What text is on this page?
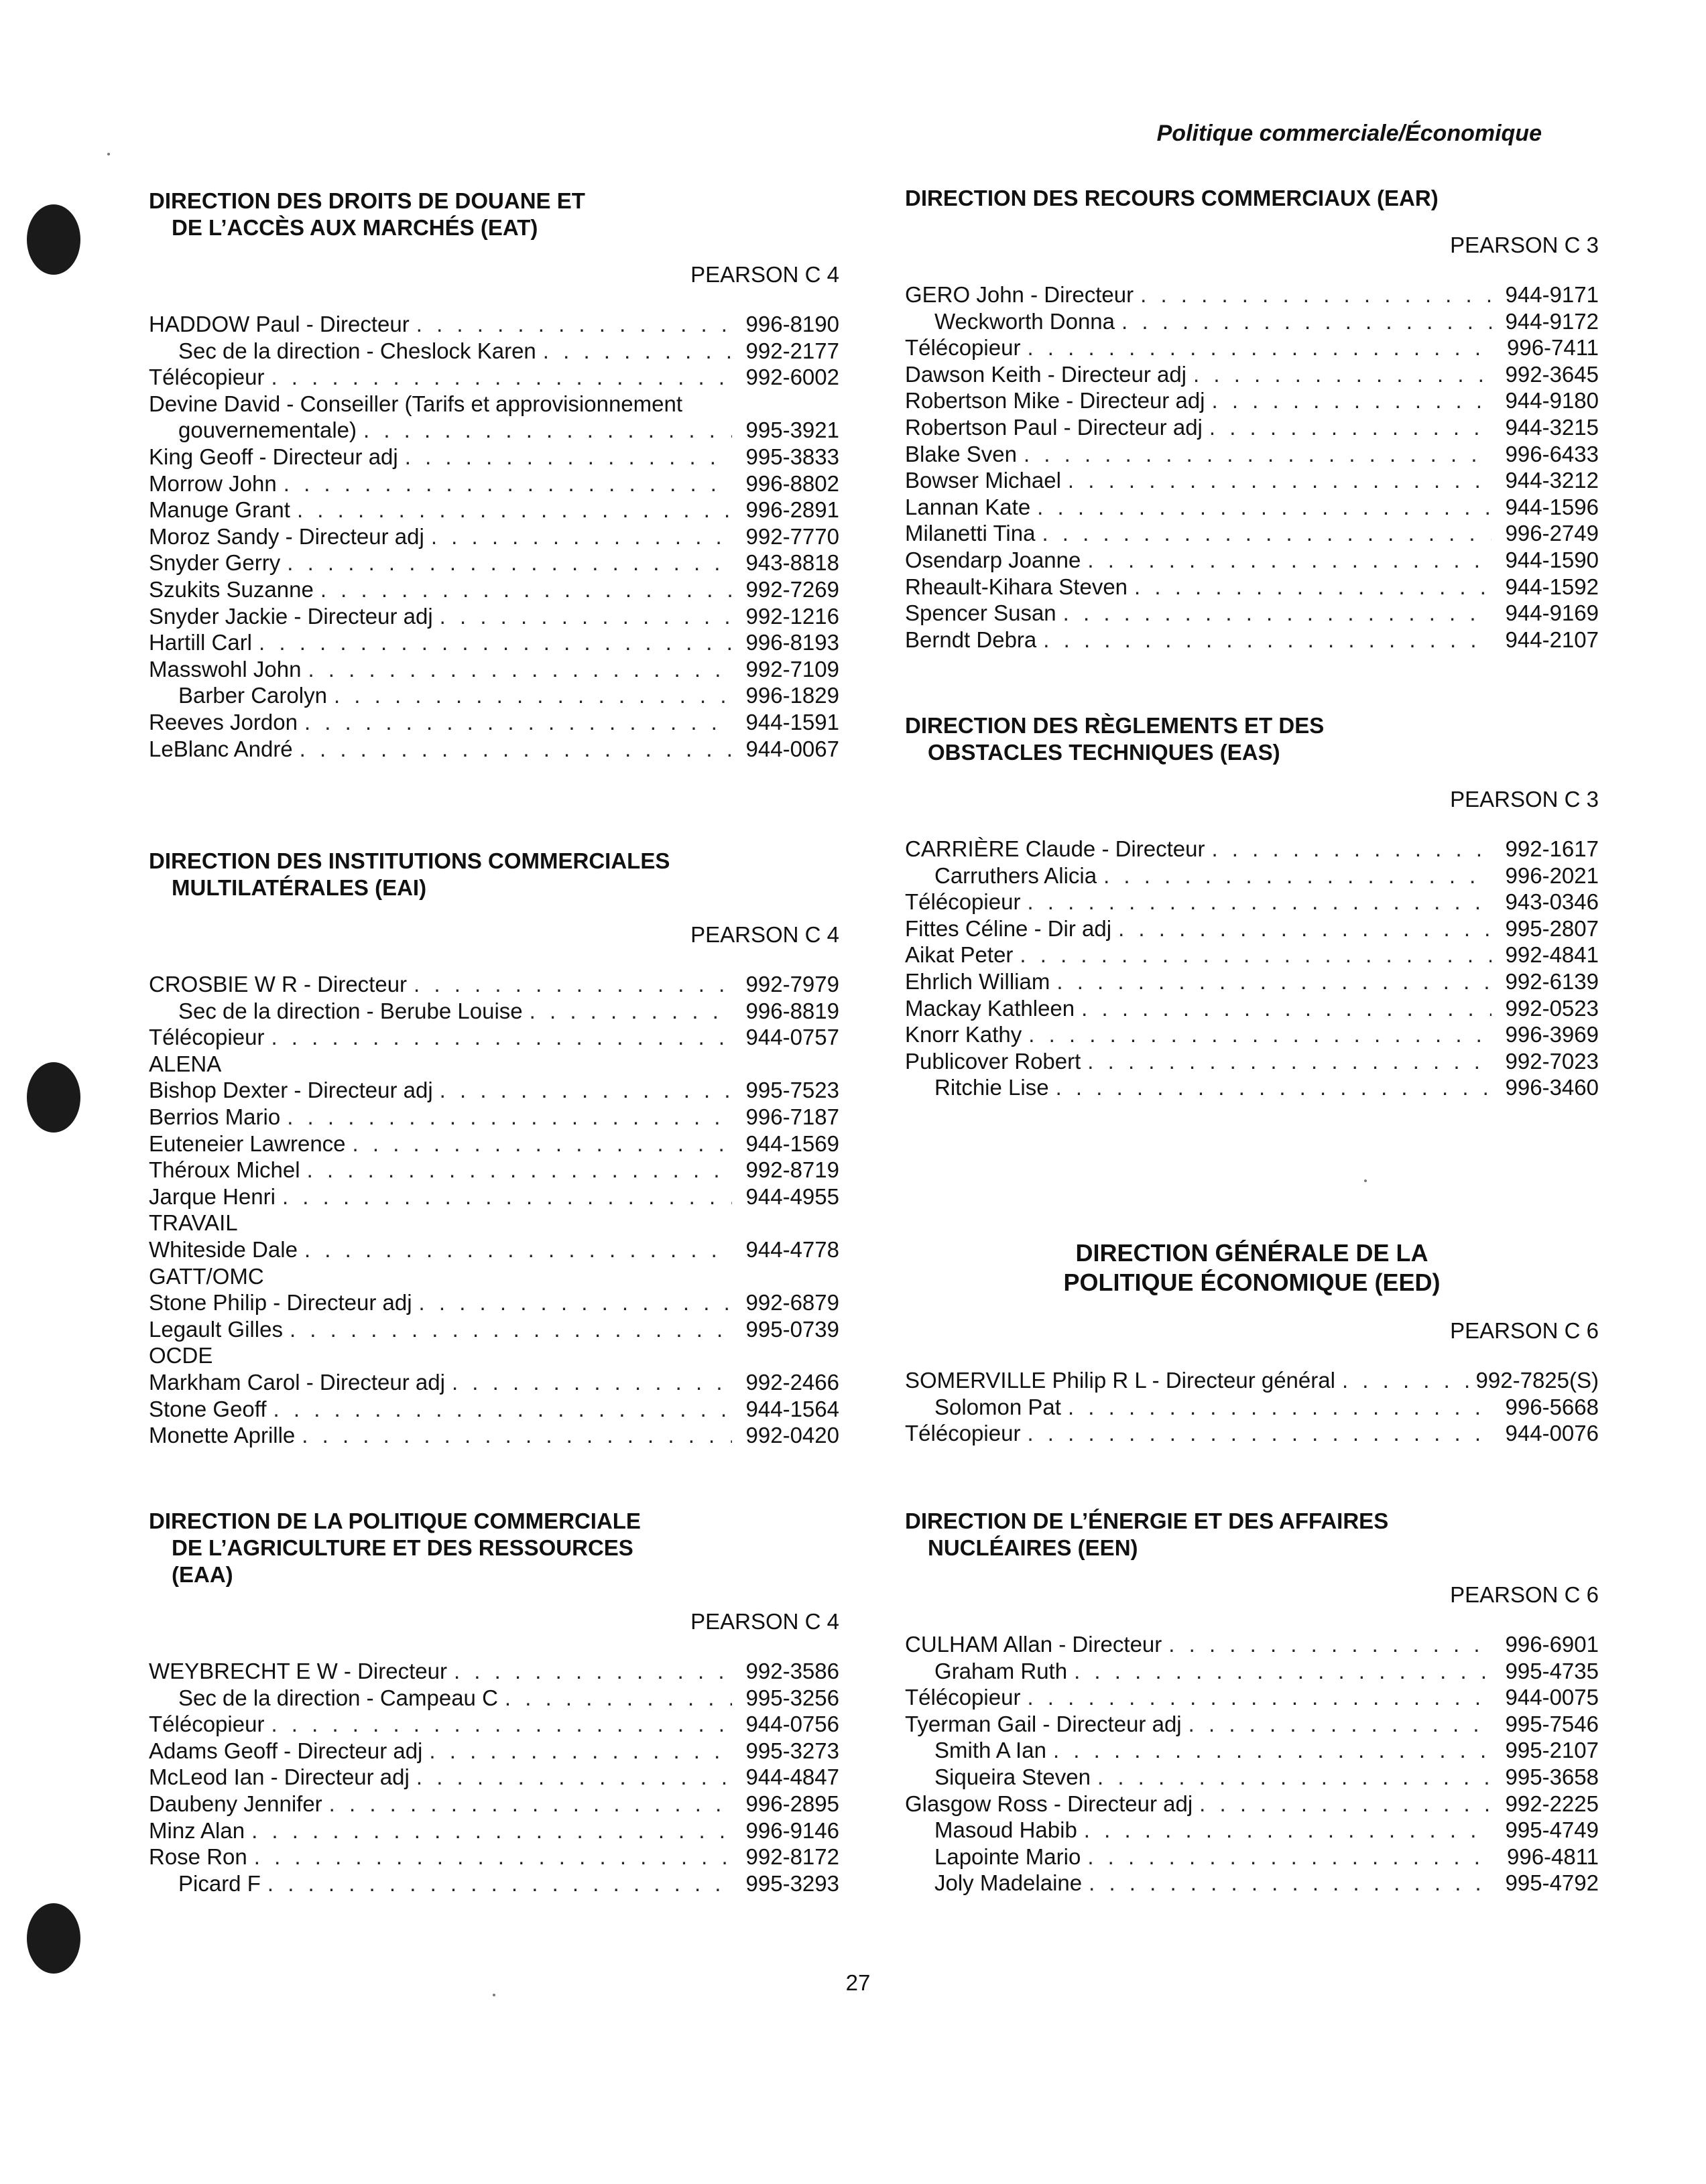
Politique commerciale/Économique
DIRECTION DES DROITS DE DOUANE ET
DE L’ACCÈS AUX MARCHÉS (EAT)
PEARSON C 4
HADDOW Paul - Directeur . . .	996-8190
Sec de la direction - Cheslock Karen . . .	992-2177
Télécopieur . . .	992-6002
Devine David - Conseiller (Tarifs et approvisionnement
gouvernementale) . . .	995-3921
King Geoff - Directeur adj . . .	995-3833
Morrow John . . .	996-8802
Manuge Grant . . .	996-2891
Moroz Sandy - Directeur adj . . .	992-7770
Snyder Gerry . . .	943-8818
Szukits Suzanne . . .	992-7269
Snyder Jackie - Directeur adj . . .	992-1216
Hartill Carl . . .	996-8193
Masswohl John . . .	992-7109
Barber Carolyn . . .	996-1829
Reeves Jordon . . .	944-1591
LeBlanc André . . .	944-0067
DIRECTION DES INSTITUTIONS COMMERCIALES
MULTILATÉRALES (EAI)
PEARSON C 4
CROSBIE W R - Directeur . . .	992-7979
Sec de la direction - Berube Louise . . .	996-8819
Télécopieur . . .	944-0757
ALENA
Bishop Dexter - Directeur adj . . .	995-7523
Berrios Mario . . .	996-7187
Euteneier Lawrence . . .	944-1569
Théroux Michel . . .	992-8719
Jarque Henri . . .	944-4955
TRAVAIL
Whiteside Dale . . .	944-4778
GATT/OMC
Stone Philip - Directeur adj . . .	992-6879
Legault Gilles . . .	995-0739
OCDE
Markham Carol - Directeur adj . . .	992-2466
Stone Geoff . . .	944-1564
Monette Aprille . . .	992-0420
DIRECTION DE LA POLITIQUE COMMERCIALE
DE L’AGRICULTURE ET DES RESSOURCES
(EAA)
PEARSON C 4
WEYBRECHT E W - Directeur . . .	992-3586
Sec de la direction - Campeau C . . .	995-3256
Télécopieur . . .	944-0756
Adams Geoff - Directeur adj . . .	995-3273
McLeod Ian - Directeur adj . . .	944-4847
Daubeny Jennifer . . .	996-2895
Minz Alan . . .	996-9146
Rose Ron . . .	992-8172
Picard F . . .	995-3293
DIRECTION DES RECOURS COMMERCIAUX (EAR)
PEARSON C 3
GERO John - Directeur . . .	944-9171
Weckworth Donna . . .	944-9172
Télécopieur . . .	996-7411
Dawson Keith - Directeur adj . . .	992-3645
Robertson Mike - Directeur adj . . .	944-9180
Robertson Paul - Directeur adj . . .	944-3215
Blake Sven . . .	996-6433
Bowser Michael . . .	944-3212
Lannan Kate . . .	944-1596
Milanetti Tina . . .	996-2749
Osendarp Joanne . . .	944-1590
Rheault-Kihara Steven . . .	944-1592
Spencer Susan . . .	944-9169
Berndt Debra . . .	944-2107
DIRECTION DES RÈGLEMENTS ET DES
OBSTACLES TECHNIQUES (EAS)
PEARSON C 3
CARRIÈRE Claude - Directeur . . .	992-1617
Carruthers Alicia . . .	996-2021
Télécopieur . . .	943-0346
Fittes Céline - Dir adj . . .	995-2807
Aikat Peter . . .	992-4841
Ehrlich William . . .	992-6139
Mackay Kathleen . . .	992-0523
Knorr Kathy . . .	996-3969
Publicover Robert . . .	992-7023
Ritchie Lise . . .	996-3460
DIRECTION GÉNÉRALE DE LA
POLITIQUE ÉCONOMIQUE (EED)
PEARSON C 6
SOMERVILLE Philip R L - Directeur général . . .	992-7825(S)
Solomon Pat . . .	996-5668
Télécopieur . . .	944-0076
DIRECTION DE L’ÉNERGIE ET DES AFFAIRES
NUCLÉAIRES (EEN)
PEARSON C 6
CULHAM Allan - Directeur . . .	996-6901
Graham Ruth . . .	995-4735
Télécopieur . . .	944-0075
Tyerman Gail - Directeur adj . . .	995-7546
Smith A Ian . . .	995-2107
Siqueira Steven . . .	995-3658
Glasgow Ross - Directeur adj . . .	992-2225
Masoud Habib . . .	995-4749
Lapointe Mario . . .	996-4811
Joly Madelaine . . .	995-4792
27
